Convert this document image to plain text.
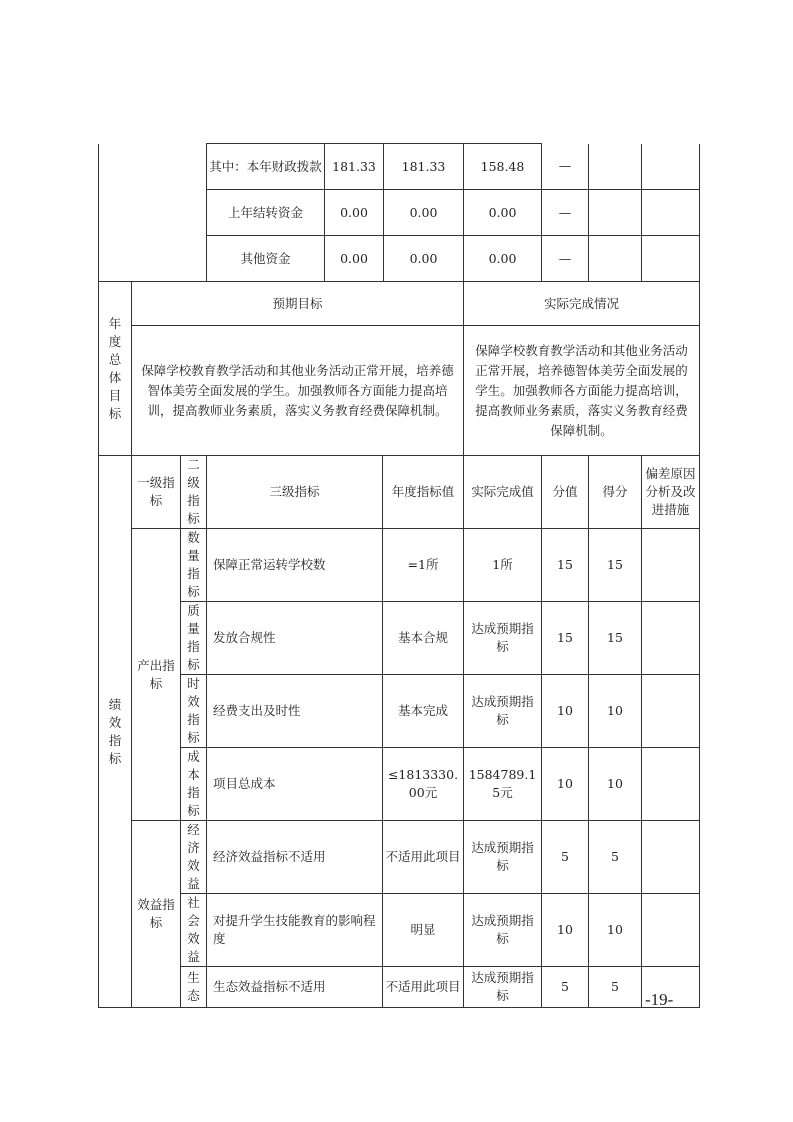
	其中：本年财政拨款	181.33	181.33	158.48	—		
	上年结转资金	0.00	0.00	0.00	—		
	其他资金	0.00	0.00	0.00	—		
年度总体目标	预期目标	实际完成情况
	保障学校教育教学活动和其他业务活动正常开展，培养德智体美劳全面发展的学生。加强教师各方面能力提高培训，提高教师业务素质，落实义务教育经费保障机制。	保障学校教育教学活动和其他业务活动正常开展，培养德智体美劳全面发展的学生。加强教师各方面能力提高培训，提高教师业务素质，落实义务教育经费保障机制。
绩效指标	一级指标	二级指标	三级指标	年度指标值	实际完成值	分值	得分	偏差原因分析及改进措施
	产出指标	数量指标	保障正常运转学校数	=1所	1所	15	15	
		质量指标	发放合规性	基本合规	达成预期指标	15	15	
		时效指标	经费支出及时性	基本完成	达成预期指标	10	10	
		成本指标	项目总成本	≤1813330.00元	1584789.15元	10	10	
	效益指标	经济效益	经济效益指标不适用	不适用此项目	达成预期指标	5	5	
		社会效益	对提升学生技能教育的影响程度	明显	达成预期指标	10	10	
		生态	生态效益指标不适用	不适用此项目	达成预期指标	5	5	
-19-
